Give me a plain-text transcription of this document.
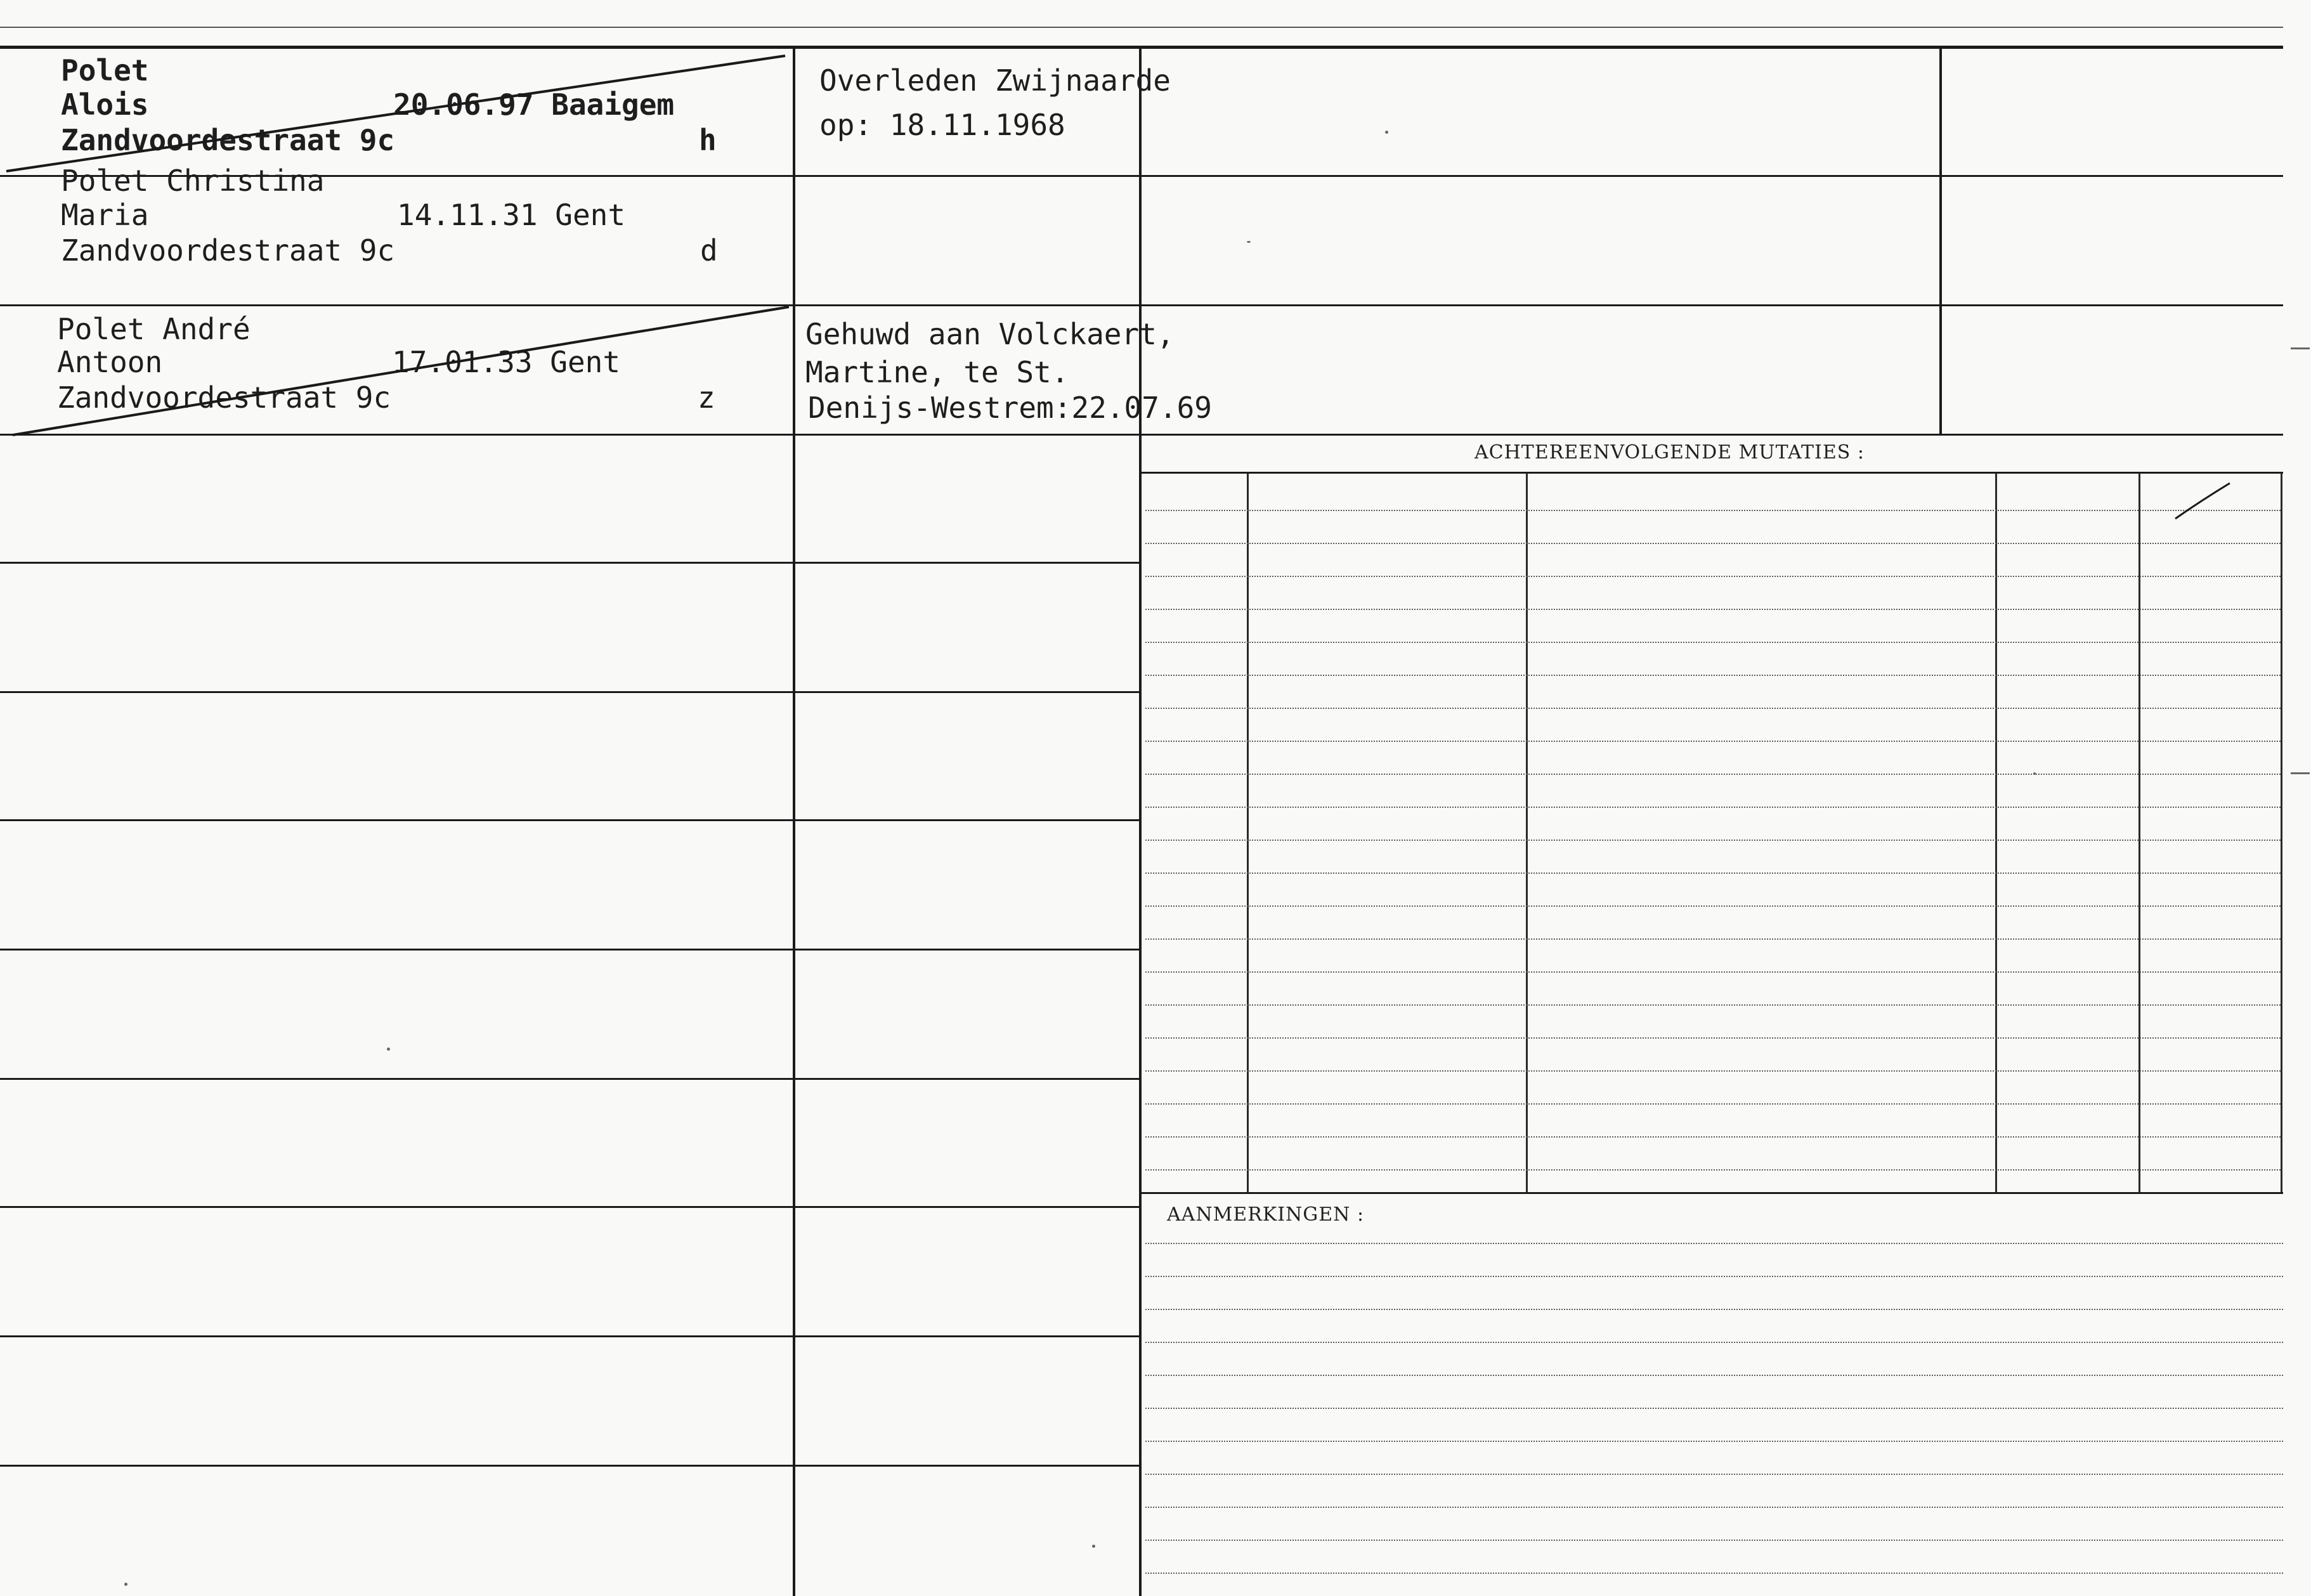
ACHTEREENVOLGENDE MUTATIES :
AANMERKINGEN :
Polet
Alois	20.06.97 Baaigem
Zandvoordestraat 9c	h
Overleden Zwijnaarde
op: 18.11.1968
Polet Christina
Maria	14.11.31 Gent
Zandvoordestraat 9c	d
Polet André
Antoon	17.01.33 Gent
Zandvoordestraat 9c	z
Gehuwd aan Volckaert,
Martine, te St.
Denijs-Westrem:22.07.69
